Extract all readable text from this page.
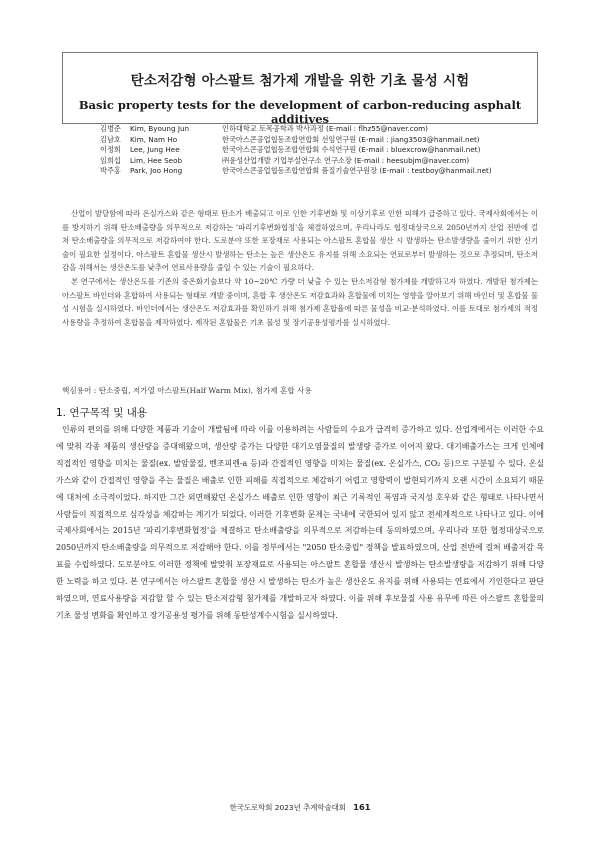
탄소저감형 아스팔트 첨가제 개발을 위한 기초 물성 시험
Basic property tests for the development of carbon-reducing asphalt additives
김병준	Kim, Byoung Jun	인하대학교 토목공학과 박사과정 (E-mail : flhz55@naver.com)
김남호	Kim, Nam Ho	한국아스콘공업협동조합연합회 선임연구원 (E-mail : jiang3503@hanmail.net)
이정희	Lee, Jung Hee	한국아스콘공업협동조합연합회 수석연구원 (E-mail : bluexcrow@hanmail.net)
임희섭	Lim, Hee Seob	㈜윤성산업개발 기업부설연구소 연구소장 (E-mail : heesubjm@naver.com)
박주홍	Park, Joo Hong	한국아스콘공업협동조합연합회 품질기술연구원장 (E-mail : testboy@hanmail.net)

산업이 발달함에 따라 온실가스와 같은 형태로 탄소가 배출되고 이로 인한 기후변화 및 이상기후로 인한 피해가 급증하고 있다. 국제사회에서는 이를 방지하기 위해 탄소배출량을 의무적으로 저감하는 '파리기후변화협정'을 체결하였으며, 우리나라도 협정대상국으로 2050년까지 산업 전반에 걸쳐 탄소배출량을 의무적으로 저감하여야 한다. 도로분야 또한 포장재로 사용되는 아스팔트 혼합물 생산 시 발생하는 탄소발생량을 줄이기 위한 신기술이 필요한 실정이다. 아스팔트 혼합물 생산시 발생하는 탄소는 높은 생산온도 유지를 위해 소요되는 연료로부터 발생하는 것으로 추정되며, 탄소저감을 위해서는 생산온도를 낮추어 연료사용량을 줄일 수 있는 기술이 필요하다.

본 연구에서는 생산온도를 기존의 중온화기술보다 약 10~20℃ 가량 더 낮출 수 있는 탄소저감형 첨가제를 개발하고자 하였다. 개발된 첨가제는 아스팔트 바인더와 혼합하여 사용되는 형태로 개발 중이며, 혼합 후 생산온도 저감효과와 혼합물에 미치는 영향을 알아보기 위해 바인더 및 혼합물 물성 시험을 실시하였다. 바인더에서는 생산온도 저감효과를 확인하기 위해 첨가제 혼합율에 따른 물성을 비교·분석하였다. 이를 토대로 첨가제의 적정사용량을 추정하여 혼합물을 제작하였다. 제작된 혼합물은 기초 물성 및 장기공용성평가를 실시하였다.

핵심용어 : 탄소중립, 저가열 아스팔트(Half Warm Mix), 첨가제 혼합 사용
1. 연구목적 및 내용

인류의 편의를 위해 다양한 제품과 기술이 개발됨에 따라 이를 이용하려는 사람들의 수요가 급격히 증가하고 있다. 산업계에서는 이러한 수요에 맞춰 각종 제품의 생산량을 증대해왔으며, 생산량 증가는 다양한 대기오염물질의 발생량 증가로 이어져 왔다. 대기배출가스는 크게 인체에 직접적인 영향을 미치는 물질(ex. 발암물질, 벤조피렌-a 등)과 간접적인 영향을 미치는 물질(ex. 온실가스, CO₂ 등)으로 구분될 수 있다. 온실가스와 같이 간접적인 영향을 주는 물질은 배출로 인한 피해를 직접적으로 체감하기 어렵고 영향력이 발현되기까지 오랜 시간이 소요되기 때문에 대처에 소극적이었다. 하지만 그간 외면해왔던 온실가스 배출로 인한 영향이 최근 기록적인 폭염과 국지성 호우와 같은 형태로 나타나면서 사람들이 직접적으로 심각성을 체감하는 계기가 되었다. 이러한 기후변화 문제는 국내에 국한되어 있지 않고 전세계적으로 나타나고 있다. 이에 국제사회에서는 2015년 '파리기후변화협정'을 체결하고 탄소배출량을 의무적으로 저감하는데 동의하였으며, 우리나라 또한 협정대상국으로 2050년까지 탄소배출량을 의무적으로 저감해야 한다. 이를 정부에서는 "2050 탄소중립" 정책을 발표하였으며, 산업 전반에 걸쳐 배출저감 목표를 수립하였다. 도로분야도 이러한 정책에 발맞춰 포장재료로 사용되는 아스팔트 혼합물 생산시 발생하는 탄소발생량을 저감하기 위해 다양한 노력을 하고 있다. 본 연구에서는 아스팔트 혼합물 생산 시 발생하는 탄소가 높은 생산온도 유지를 위해 사용되는 연료에서 기인한다고 판단하였으며, 연료사용량을 저감할 할 수 있는 탄소저감형 첨가제를 개발하고자 하였다. 이를 위해 후보물질 사용 유무에 따른 아스팔트 혼합물의 기초 물성 변화를 확인하고 장기공용성 평가를 위해 동탄성계수시험을 실시하였다.

한국도로학회 2023년 추계학술대회 161
